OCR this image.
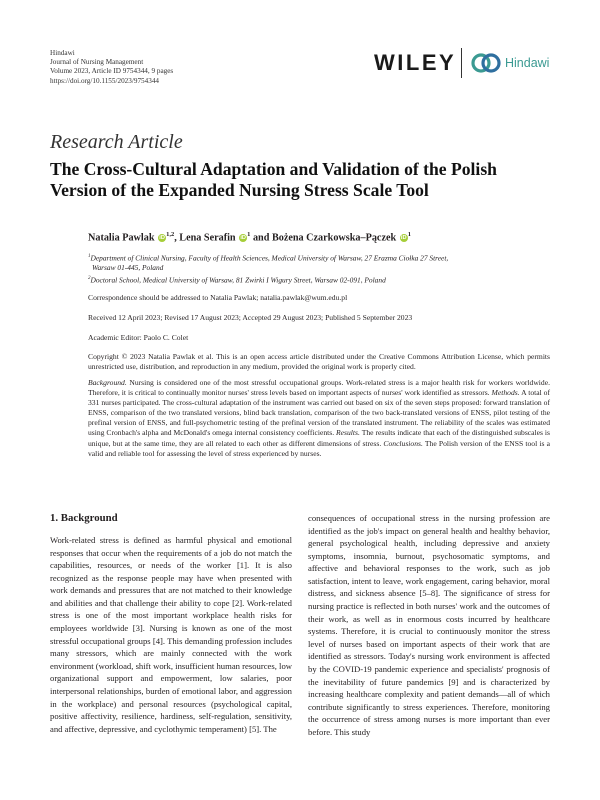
Hindawi
Journal of Nursing Management
Volume 2023, Article ID 9754344, 9 pages
https://doi.org/10.1155/2023/9754344
WILEY	Hindawi
Research Article
The Cross-Cultural Adaptation and Validation of the Polish Version of the Expanded Nursing Stress Scale Tool
Natalia Pawlak iD$^{1,2}$, Lena Serafin $iD^1$ and Bożena Czarkowska–Pączek $iD^1$
$^1$Department of Clinical Nursing, Faculty of Health Sciences, Medical University of Warsaw, 27 Erazma Ciołka 27 Street,
Warsaw 01-445, Poland
$^2$Doctoral School, Medical University of Warsaw, 81 Zwirki I Wigury Street, Warsaw 02-091, Poland
Correspondence should be addressed to Natalia Pawlak; natalia.pawlak@wum.edu.pl
Received 12 April 2023; Revised 17 August 2023; Accepted 29 August 2023; Published 5 September 2023
Academic Editor: Paolo C. Colet
Copyright © 2023 Natalia Pawlak et al. This is an open access article distributed under the Creative Commons Attribution License, which permits unrestricted use, distribution, and reproduction in any medium, provided the original work is properly cited.
Background. Nursing is considered one of the most stressful occupational groups. Work-related stress is a major health risk for workers worldwide. Therefore, it is critical to continually monitor nurses' stress levels based on important aspects of nurses' work identified as stressors. Methods. A total of 331 nurses participated. The cross-cultural adaptation of the instrument was carried out based on six of the seven steps proposed: forward translation of ENSS, comparison of the two translated versions, blind back translation, comparison of the two back-translated versions of ENSS, pilot testing of the prefinal version of ENSS, and full-psychometric testing of the prefinal version of the translated instrument. The reliability of the scales was estimated using Cronbach's alpha and McDonald's omega internal consistency coefficients. Results. The results indicate that each of the distinguished subscales is unique, but at the same time, they are all related to each other as different dimensions of stress. Conclusions. The Polish version of the ENSS tool is a valid and reliable tool for assessing the level of stress experienced by nurses.
1. Background
Work-related stress is defined as harmful physical and emotional responses that occur when the requirements of a job do not match the capabilities, resources, or needs of the worker [1]. It is also recognized as the response people may have when presented with work demands and pressures that are not matched to their knowledge and abilities and that challenge their ability to cope [2]. Work-related stress is one of the most important workplace health risks for employees worldwide [3]. Nursing is known as one of the most stressful occupational groups [4]. This demanding profession includes many stressors, which are mainly connected with the work environment (workload, shift work, insufficient human resources, low organizational support and empowerment, low salaries, poor interpersonal relationships, burden of emotional labor, and aggression in the workplace) and personal resources (psychological capital, positive affectivity, resilience, hardiness, self-regulation, sensitivity, and affective, depressive, and cyclothymic temperament) [5]. The
consequences of occupational stress in the nursing profession are identified as the job's impact on general health and healthy behavior, general psychological health, including depressive and anxiety symptoms, insomnia, burnout, psychosomatic symptoms, and affective and behavioral responses to the work, such as job satisfaction, intent to leave, work engagement, caring behavior, moral distress, and sickness absence [5–8]. The significance of stress for nursing practice is reflected in both nurses' work and the outcomes of their work, as well as in enormous costs incurred by healthcare systems. Therefore, it is crucial to continuously monitor the stress level of nurses based on important aspects of their work that are identified as stressors. Today's nursing work environment is affected by the COVID-19 pandemic experience and specialists' prognosis of the inevitability of future pandemics [9] and is characterized by increasing healthcare complexity and patient demands—all of which contribute significantly to stress experiences. Therefore, monitoring the occurrence of stress among nurses is more important than ever before. This study
